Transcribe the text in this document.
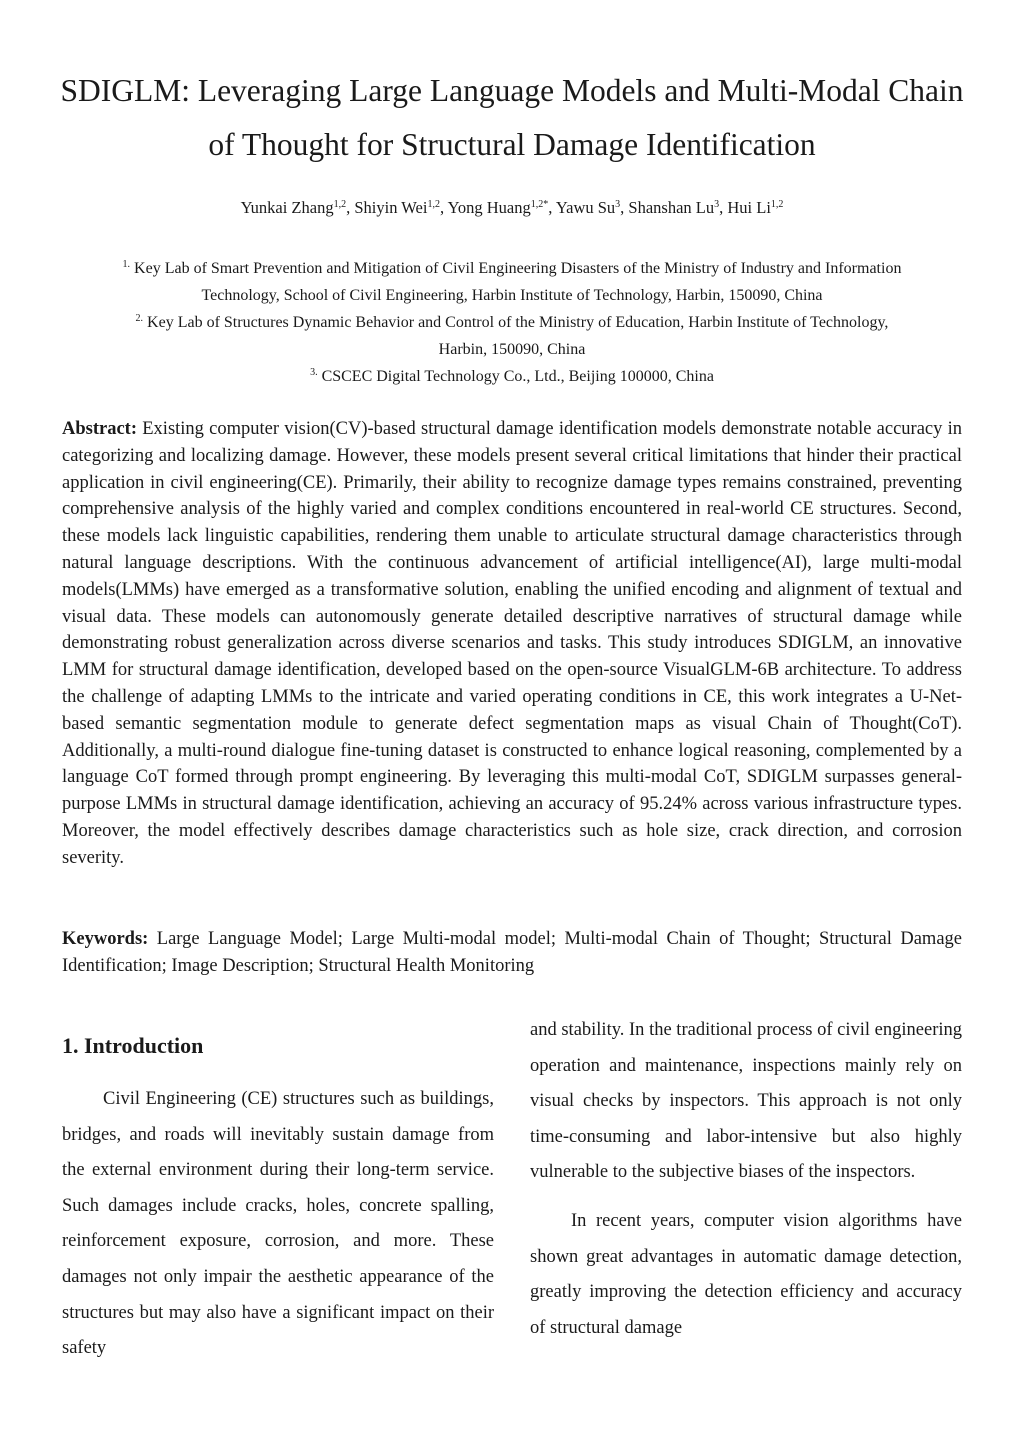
SDIGLM: Leveraging Large Language Models and Multi-Modal Chain
of Thought for Structural Damage Identification
Yunkai Zhang$^{1,2}$, Shiyin Wei$^{1,2}$, Yong Huang$^{1,2*}$, Yawu Su$^3$, Shanshan Lu$^3$, Hui Li$^{1,2}$

$^{1.}$ Key Lab of Smart Prevention and Mitigation of Civil Engineering Disasters of the Ministry of Industry and Information

Technology, School of Civil Engineering, Harbin Institute of Technology, Harbin, 150090, China

$^{2.}$ Key Lab of Structures Dynamic Behavior and Control of the Ministry of Education, Harbin Institute of Technology,

Harbin, 150090, China

$^{3.}$ CSCEC Digital Technology Co., Ltd., Beijing 100000, China

Abstract: Existing computer vision(CV)-based structural damage identification models demonstrate notable accuracy in categorizing and localizing damage. However, these models present several critical limitations that hinder their practical application in civil engineering(CE). Primarily, their ability to recognize damage types remains constrained, preventing comprehensive analysis of the highly varied and complex conditions encountered in real-world CE structures. Second, these models lack linguistic capabilities, rendering them unable to articulate structural damage characteristics through natural language descriptions. With the continuous advancement of artificial intelligence(AI), large multi-modal models(LMMs) have emerged as a transformative solution, enabling the unified encoding and alignment of textual and visual data. These models can autonomously generate detailed descriptive narratives of structural damage while demonstrating robust generalization across diverse scenarios and tasks. This study introduces SDIGLM, an innovative LMM for structural damage identification, developed based on the open-source VisualGLM-6B architecture. To address the challenge of adapting LMMs to the intricate and varied operating conditions in CE, this work integrates a U-Net-based semantic segmentation module to generate defect segmentation maps as visual Chain of Thought(CoT). Additionally, a multi-round dialogue fine-tuning dataset is constructed to enhance logical reasoning, complemented by a language CoT formed through prompt engineering. By leveraging this multi-modal CoT, SDIGLM surpasses general-purpose LMMs in structural damage identification, achieving an accuracy of 95.24% across various infrastructure types. Moreover, the model effectively describes damage characteristics such as hole size, crack direction, and corrosion severity.

Keywords: Large Language Model; Large Multi-modal model; Multi-modal Chain of Thought; Structural Damage Identification; Image Description; Structural Health Monitoring

1. Introduction

Civil Engineering (CE) structures such as buildings, bridges, and roads will inevitably sustain damage from the external environment during their long-term service. Such damages include cracks, holes, concrete spalling, reinforcement exposure, corrosion, and more. These damages not only impair the aesthetic appearance of the structures but may also have a significant impact on their safety

and stability. In the traditional process of civil engineering operation and maintenance, inspections mainly rely on visual checks by inspectors. This approach is not only time-consuming and labor-intensive but also highly vulnerable to the subjective biases of the inspectors.

In recent years, computer vision algorithms have shown great advantages in automatic damage detection, greatly improving the detection efficiency and accuracy of structural damage
